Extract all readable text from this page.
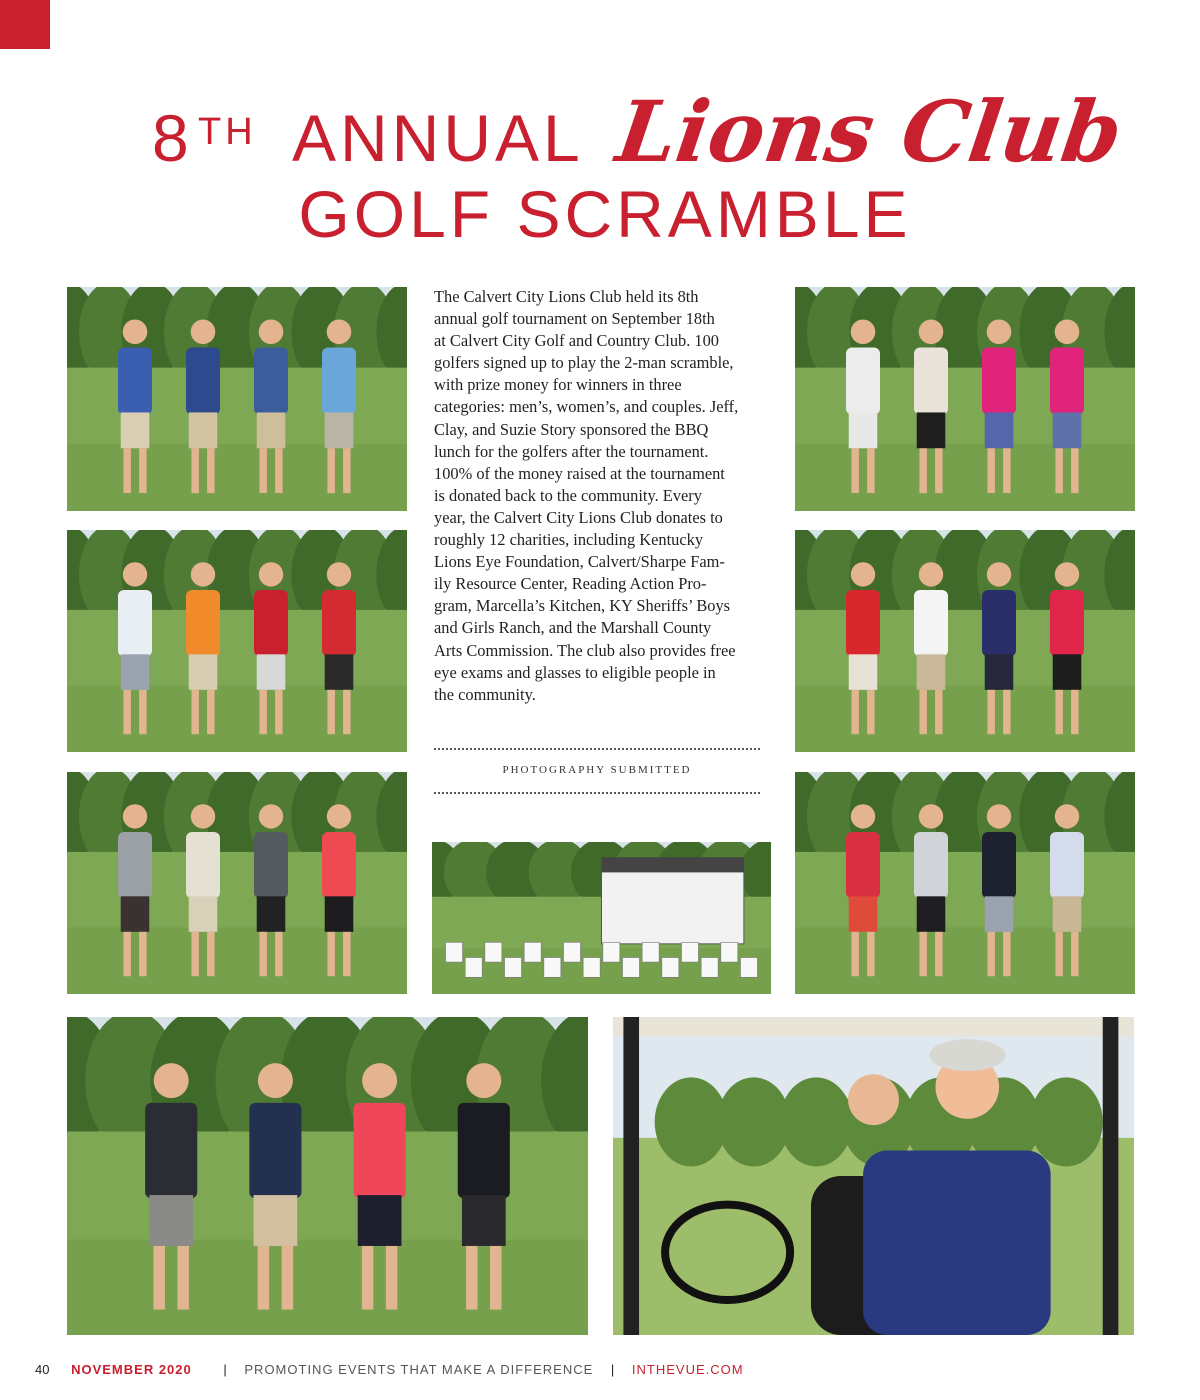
8 TH ANNUAL Lions Club
GOLF SCRAMBLE

The Calvert City Lions Club held its 8th
annual golf tournament on September 18th
at Calvert City Golf and Country Club. 100
golfers signed up to play the 2-man scramble,
with prize money for winners in three
categories: men’s, women’s, and couples. Jeff,
Clay, and Suzie Story sponsored the BBQ
lunch for the golfers after the tournament.
100% of the money raised at the tournament
is donated back to the community. Every
year, the Calvert City Lions Club donates to
roughly 12 charities, including Kentucky
Lions Eye Foundation, Calvert/Sharpe Fam-
ily Resource Center, Reading Action Pro-
gram, Marcella’s Kitchen, KY Sheriffs’ Boys
and Girls Ranch, and the Marshall County
Arts Commission. The club also provides free
eye exams and glasses to eligible people in
the community.

PHOTOGRAPHY SUBMITTED
40 NOVEMBER 2020 | PROMOTING EVENTS THAT MAKE A DIFFERENCE | INTHEVUE.COM
